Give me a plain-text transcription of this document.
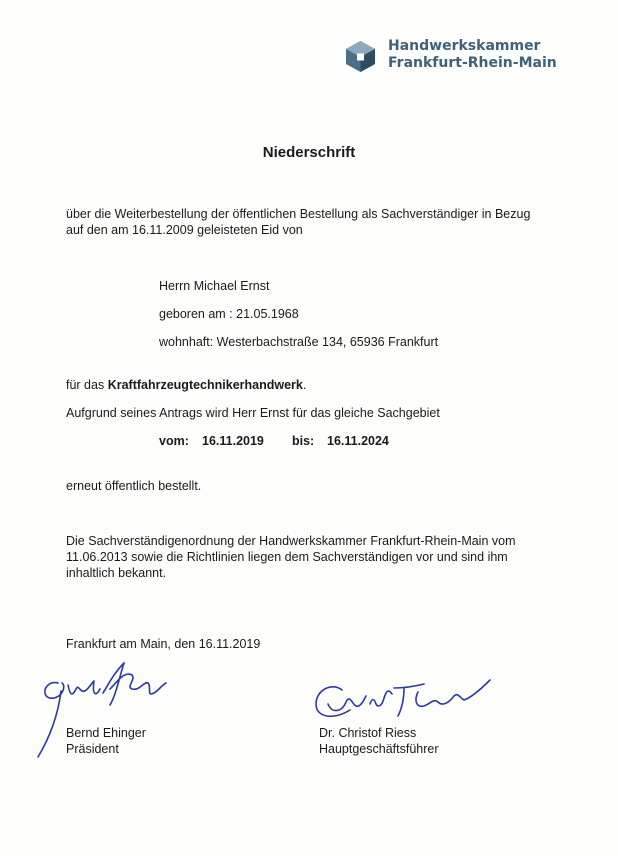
Handwerkskammer
Frankfurt-Rhein-Main
Niederschrift
über die Weiterbestellung der öffentlichen Bestellung als Sachverständiger in Bezug
auf den am 16.11.2009 geleisteten Eid von
Herrn Michael Ernst
geboren am : 21.05.1968
wohnhaft: Westerbachstraße 134, 65936 Frankfurt
für das Kraftfahrzeugtechnikerhandwerk.
Aufgrund seines Antrags wird Herr Ernst für das gleiche Sachgebiet
vom: 16.11.2019 bis: 16.11.2024
erneut öffentlich bestellt.
Die Sachverständigenordnung der Handwerkskammer Frankfurt-Rhein-Main vom
11.06.2013 sowie die Richtlinien liegen dem Sachverständigen vor und sind ihm
inhaltlich bekannt.
Frankfurt am Main, den 16.11.2019
Bernd Ehinger
Präsident
Dr. Christof Riess
Hauptgeschäftsführer
